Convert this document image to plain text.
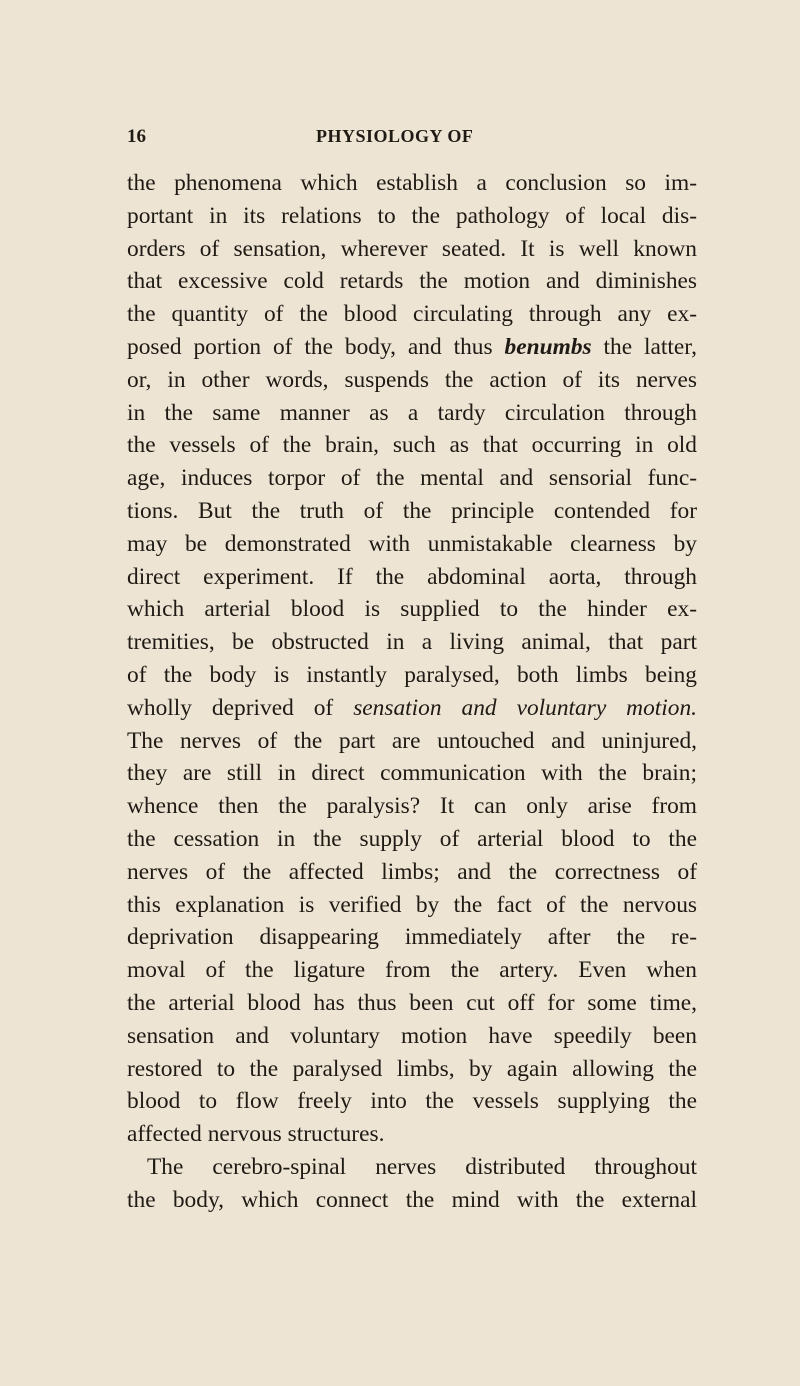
16	PHYSIOLOGY OF
the phenomena which establish a conclusion so im-
portant in its relations to the pathology of local dis-
orders of sensation, wherever seated. It is well known
that excessive cold retards the motion and diminishes
the quantity of the blood circulating through any ex-
posed portion of the body, and thus benumbs the latter,
or, in other words, suspends the action of its nerves
in the same manner as a tardy circulation through
the vessels of the brain, such as that occurring in old
age, induces torpor of the mental and sensorial func-
tions. But the truth of the principle contended for
may be demonstrated with unmistakable clearness by
direct experiment. If the abdominal aorta, through
which arterial blood is supplied to the hinder ex-
tremities, be obstructed in a living animal, that part
of the body is instantly paralysed, both limbs being
wholly deprived of sensation and voluntary motion.
The nerves of the part are untouched and uninjured,
they are still in direct communication with the brain;
whence then the paralysis? It can only arise from
the cessation in the supply of arterial blood to the
nerves of the affected limbs; and the correctness of
this explanation is verified by the fact of the nervous
deprivation disappearing immediately after the re-
moval of the ligature from the artery. Even when
the arterial blood has thus been cut off for some time,
sensation and voluntary motion have speedily been
restored to the paralysed limbs, by again allowing the
blood to flow freely into the vessels supplying the
affected nervous structures.
The cerebro-spinal nerves distributed throughout
the body, which connect the mind with the external
